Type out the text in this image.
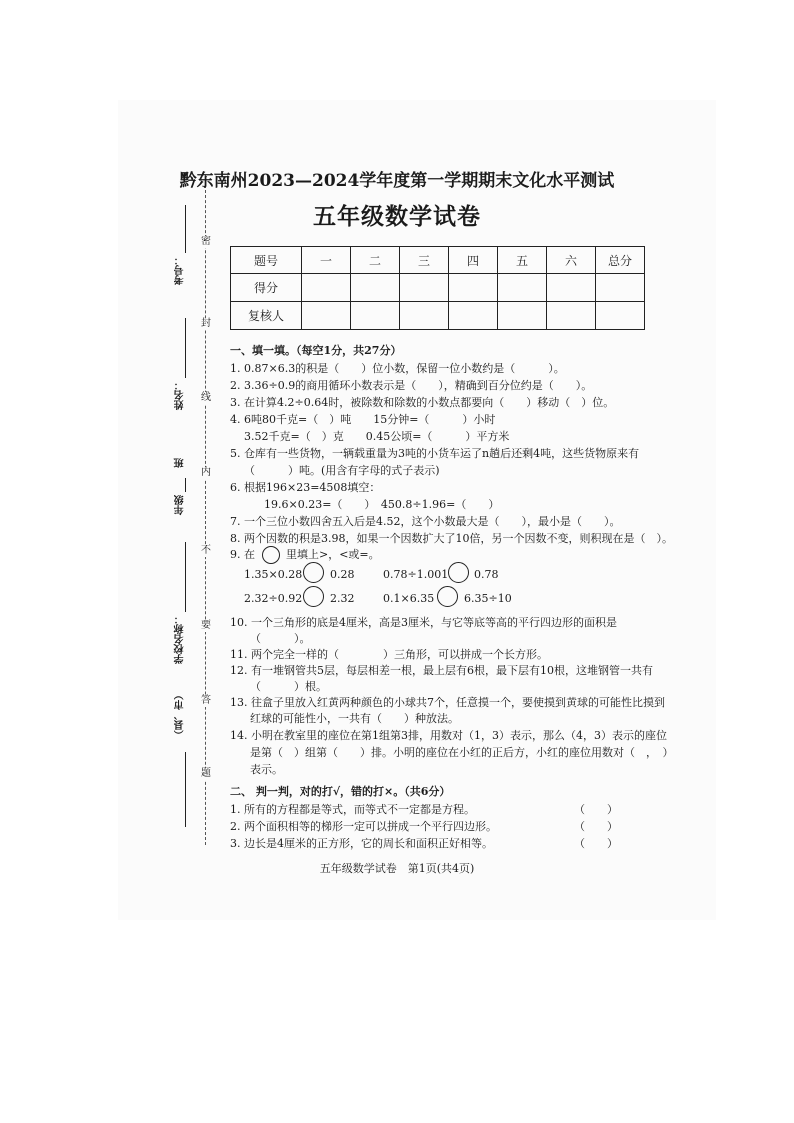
密
封
线
内
不
要
答
题
考号：
姓名：
班
年级
学校名称：
（县、市）
黔东南州2023—2024学年度第一学期期末文化水平测试
五年级数学试卷
题号	一	二	三	四	五	六	总分
得分							
复核人							
一、填一填。（每空1分，共27分）
1. 0.87×6.3的积是（　　）位小数，保留一位小数约是（　　　）。
2. 3.36÷0.9的商用循环小数表示是（　　），精确到百分位约是（　　）。
3. 在计算4.2÷0.64时，被除数和除数的小数点都要向（　　）移动（　）位。
4. 6吨80千克=（　）吨　　15分钟=（　　　）小时
3.52千克=（　）克　　0.45公顷=（　　　）平方米
5. 仓库有一些货物，一辆载重量为3吨的小货车运了n趟后还剩4吨，这些货物原来有
（　　　）吨。(用含有字母的式子表示)
6. 根据196×23=4508填空：
19.6×0.23=（　　）　450.8÷1.96=（　　）
7. 一个三位小数四舍五入后是4.52，这个小数最大是（　　），最小是（　　）。
8. 两个因数的积是3.98，如果一个因数扩大了10倍，另一个因数不变，则积现在是（　）。
9. 在	里填上>，<或=。
1.35×0.28	0.28	0.78÷1.001 0.78
2.32÷0.92	2.32	0.1×6.35	6.35÷10
10. 一个三角形的底是4厘米，高是3厘米，与它等底等高的平行四边形的面积是
（　　　）。
11. 两个完全一样的（　　　　）三角形，可以拼成一个长方形。
12. 有一堆钢管共5层，每层相差一根，最上层有6根，最下层有10根，这堆钢管一共有
（　　　）根。
13. 往盒子里放入红黄两种颜色的小球共7个，任意摸一个，要使摸到黄球的可能性比摸到
红球的可能性小，一共有（　　）种放法。
14. 小明在教室里的座位在第1组第3排，用数对（1，3）表示，那么（4，3）表示的座位
是第（　）组第（　　）排。小明的座位在小红的正后方，小红的座位用数对（　，　）
表示。
二、 判一判，对的打√，错的打×。（共6分）
1. 所有的方程都是等式，而等式不一定都是方程。	（　　）
2. 两个面积相等的梯形一定可以拼成一个平行四边形。	（　　）
3. 边长是4厘米的正方形，它的周长和面积正好相等。	（　　）
五年级数学试卷　第1页(共4页)
